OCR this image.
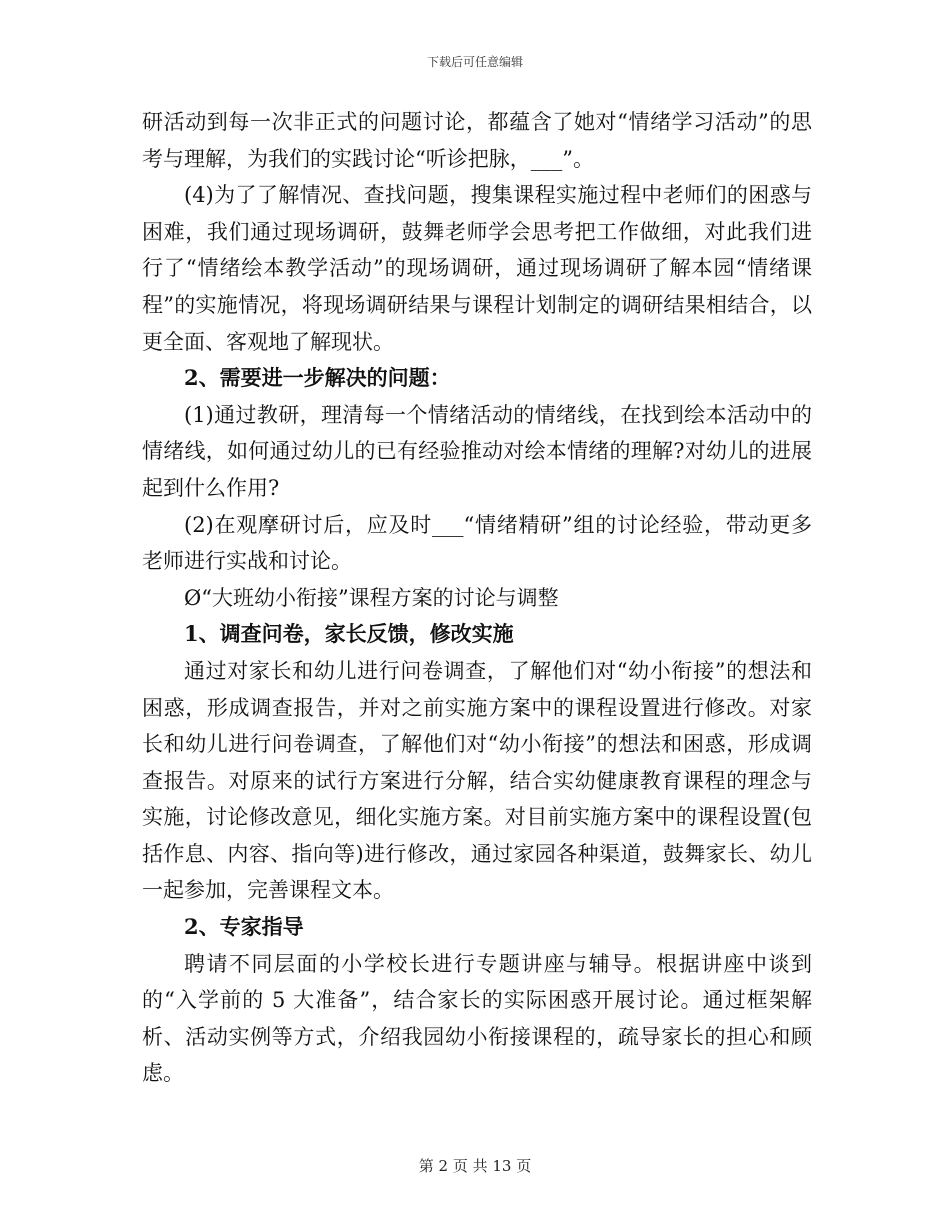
下载后可任意编辑

研活动到每一次非正式的问题讨论，都蕴含了她对“情绪学习活动”的思考与理解，为我们的实践讨论“听诊把脉，___”。

(4)为了了解情况、查找问题，搜集课程实施过程中老师们的困惑与困难，我们通过现场调研，鼓舞老师学会思考把工作做细，对此我们进行了“情绪绘本教学活动”的现场调研，通过现场调研了解本园“情绪课程”的实施情况，将现场调研结果与课程计划制定的调研结果相结合，以更全面、客观地了解现状。

2、需要进一步解决的问题：

(1)通过教研，理清每一个情绪活动的情绪线，在找到绘本活动中的情绪线，如何通过幼儿的已有经验推动对绘本情绪的理解?对幼儿的进展起到什么作用?

(2)在观摩研讨后，应及时___“情绪精研”组的讨论经验，带动更多老师进行实战和讨论。

Ø“大班幼小衔接”课程方案的讨论与调整

1、调查问卷，家长反馈，修改实施

通过对家长和幼儿进行问卷调查，了解他们对“幼小衔接”的想法和困惑，形成调查报告，并对之前实施方案中的课程设置进行修改。对家长和幼儿进行问卷调查，了解他们对“幼小衔接”的想法和困惑，形成调查报告。对原来的试行方案进行分解，结合实幼健康教育课程的理念与实施，讨论修改意见，细化实施方案。对目前实施方案中的课程设置(包括作息、内容、指向等)进行修改，通过家园各种渠道，鼓舞家长、幼儿一起参加，完善课程文本。

2、专家指导

聘请不同层面的小学校长进行专题讲座与辅导。根据讲座中谈到的“入学前的 5 大准备”，结合家长的实际困惑开展讨论。通过框架解析、活动实例等方式，介绍我园幼小衔接课程的，疏导家长的担心和顾虑。

第 2 页 共 13 页
